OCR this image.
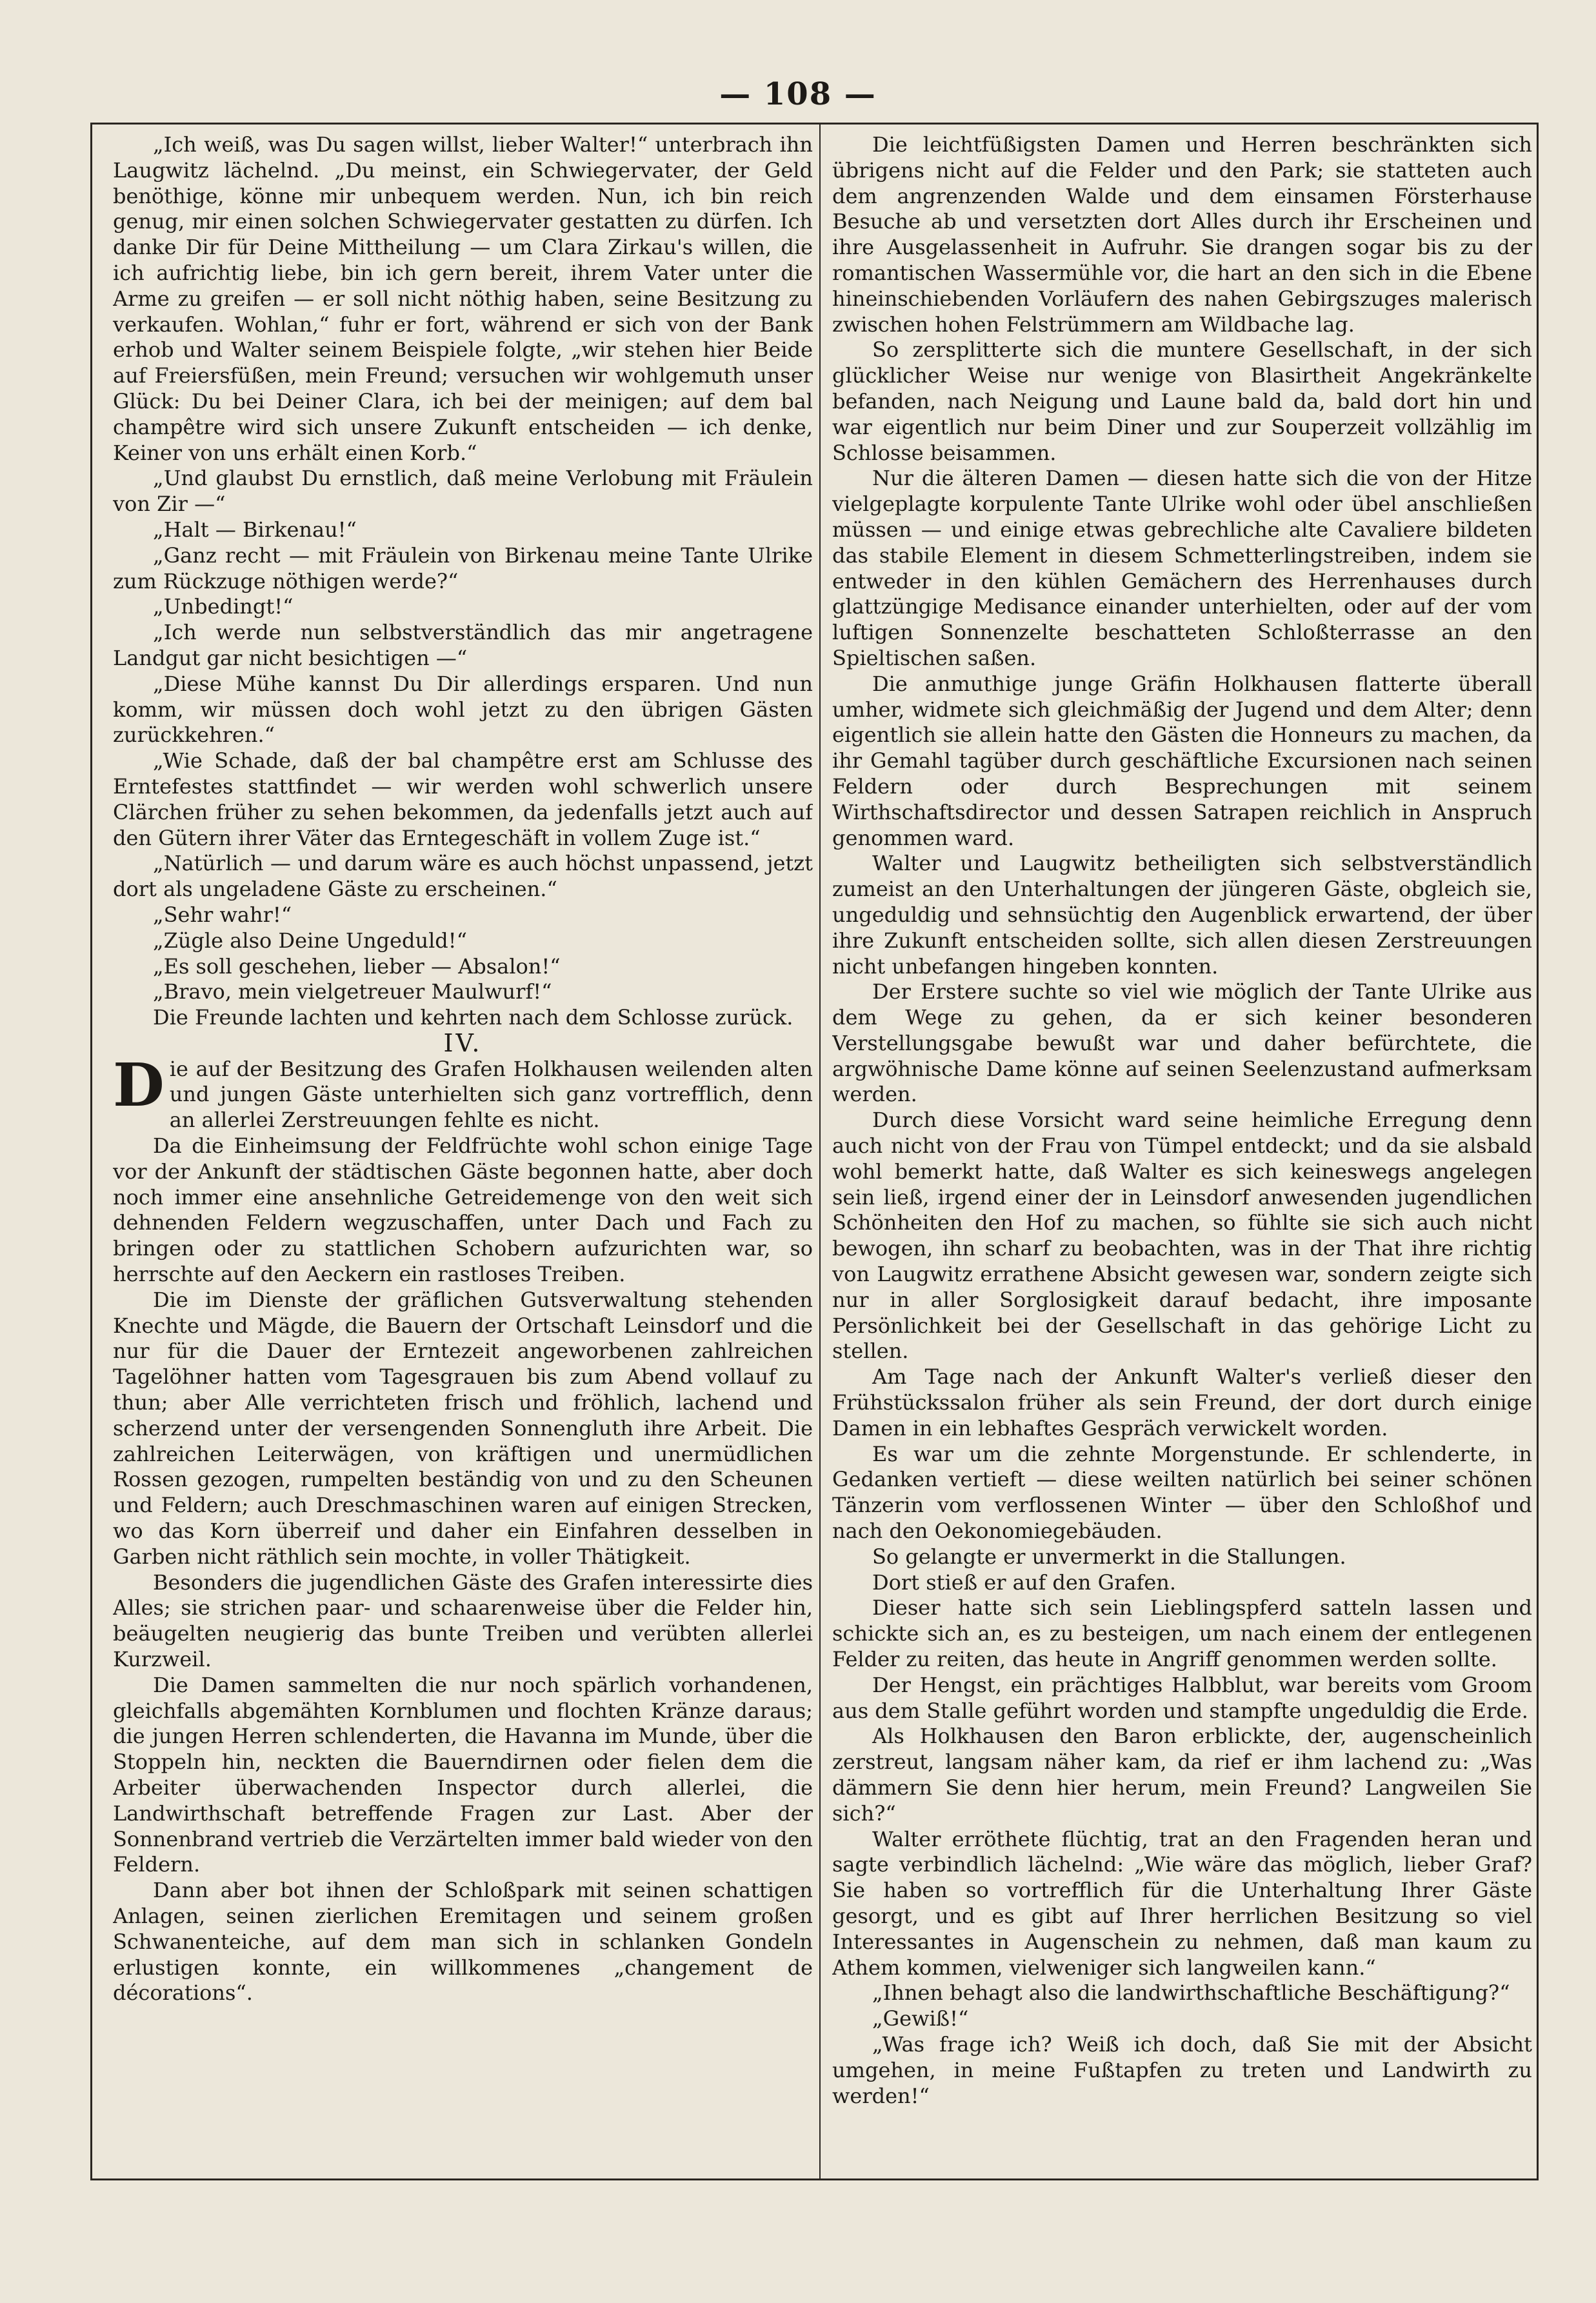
— 108 —

„Ich weiß, was Du sagen willst, lieber Walter!“ unterbrach ihn Laugwitz lächelnd. „Du meinst, ein Schwiegervater, der Geld benöthige, könne mir unbequem werden. Nun, ich bin reich genug, mir einen solchen Schwiegervater gestatten zu dürfen. Ich danke Dir für Deine Mittheilung — um Clara Zirkau's willen, die ich aufrichtig liebe, bin ich gern bereit, ihrem Vater unter die Arme zu greifen — er soll nicht nöthig haben, seine Besitzung zu verkaufen. Wohlan,“ fuhr er fort, während er sich von der Bank erhob und Walter seinem Beispiele folgte, „wir stehen hier Beide auf Freiersfüßen, mein Freund; versuchen wir wohlgemuth unser Glück: Du bei Deiner Clara, ich bei der meinigen; auf dem bal champêtre wird sich unsere Zukunft entscheiden — ich denke, Keiner von uns erhält einen Korb.“

„Und glaubst Du ernstlich, daß meine Verlobung mit Fräulein von Zir —“

„Halt — Birkenau!“

„Ganz recht — mit Fräulein von Birkenau meine Tante Ulrike zum Rückzuge nöthigen werde?“

„Unbedingt!“

„Ich werde nun selbstverständlich das mir angetragene Landgut gar nicht besichtigen —“

„Diese Mühe kannst Du Dir allerdings ersparen. Und nun komm, wir müssen doch wohl jetzt zu den übrigen Gästen zurückkehren.“

„Wie Schade, daß der bal champêtre erst am Schlusse des Erntefestes stattfindet — wir werden wohl schwerlich unsere Clärchen früher zu sehen bekommen, da jedenfalls jetzt auch auf den Gütern ihrer Väter das Erntegeschäft in vollem Zuge ist.“

„Natürlich — und darum wäre es auch höchst unpassend, jetzt dort als ungeladene Gäste zu erscheinen.“

„Sehr wahr!“

„Zügle also Deine Ungeduld!“

„Es soll geschehen, lieber — Absalon!“

„Bravo, mein vielgetreuer Maulwurf!“

Die Freunde lachten und kehrten nach dem Schlosse zurück.

IV.

Die auf der Besitzung des Grafen Holkhausen weilenden alten und jungen Gäste unterhielten sich ganz vortrefflich, denn an allerlei Zerstreuungen fehlte es nicht.

Da die Einheimsung der Feldfrüchte wohl schon einige Tage vor der Ankunft der städtischen Gäste begonnen hatte, aber doch noch immer eine ansehnliche Getreidemenge von den weit sich dehnenden Feldern wegzuschaffen, unter Dach und Fach zu bringen oder zu stattlichen Schobern aufzurichten war, so herrschte auf den Aeckern ein rastloses Treiben.

Die im Dienste der gräflichen Gutsverwaltung stehenden Knechte und Mägde, die Bauern der Ortschaft Leinsdorf und die nur für die Dauer der Erntezeit angeworbenen zahlreichen Tagelöhner hatten vom Tagesgrauen bis zum Abend vollauf zu thun; aber Alle verrichteten frisch und fröhlich, lachend und scherzend unter der versengenden Sonnengluth ihre Arbeit. Die zahlreichen Leiterwägen, von kräftigen und unermüdlichen Rossen gezogen, rumpelten beständig von und zu den Scheunen und Feldern; auch Dreschmaschinen waren auf einigen Strecken, wo das Korn überreif und daher ein Einfahren desselben in Garben nicht räthlich sein mochte, in voller Thätigkeit.

Besonders die jugendlichen Gäste des Grafen interessirte dies Alles; sie strichen paar- und schaarenweise über die Felder hin, beäugelten neugierig das bunte Treiben und verübten allerlei Kurzweil.

Die Damen sammelten die nur noch spärlich vorhandenen, gleichfalls abgemähten Kornblumen und flochten Kränze daraus; die jungen Herren schlenderten, die Havanna im Munde, über die Stoppeln hin, neckten die Bauerndirnen oder fielen dem die Arbeiter überwachenden Inspector durch allerlei, die Landwirthschaft betreffende Fragen zur Last. Aber der Sonnenbrand vertrieb die Verzärtelten immer bald wieder von den Feldern.

Dann aber bot ihnen der Schloßpark mit seinen schattigen Anlagen, seinen zierlichen Eremitagen und seinem großen Schwanenteiche, auf dem man sich in schlanken Gondeln erlustigen konnte, ein willkommenes „changement de décorations“.

Die leichtfüßigsten Damen und Herren beschränkten sich übrigens nicht auf die Felder und den Park; sie statteten auch dem angrenzenden Walde und dem einsamen Försterhause Besuche ab und versetzten dort Alles durch ihr Erscheinen und ihre Ausgelassenheit in Aufruhr. Sie drangen sogar bis zu der romantischen Wassermühle vor, die hart an den sich in die Ebene hineinschiebenden Vorläufern des nahen Gebirgszuges malerisch zwischen hohen Felstrümmern am Wildbache lag.

So zersplitterte sich die muntere Gesellschaft, in der sich glücklicher Weise nur wenige von Blasirtheit Angekränkelte befanden, nach Neigung und Laune bald da, bald dort hin und war eigentlich nur beim Diner und zur Souperzeit vollzählig im Schlosse beisammen.

Nur die älteren Damen — diesen hatte sich die von der Hitze vielgeplagte korpulente Tante Ulrike wohl oder übel anschließen müssen — und einige etwas gebrechliche alte Cavaliere bildeten das stabile Element in diesem Schmetterlingstreiben, indem sie entweder in den kühlen Gemächern des Herrenhauses durch glattzüngige Medisance einander unterhielten, oder auf der vom luftigen Sonnenzelte beschatteten Schloßterrasse an den Spieltischen saßen.

Die anmuthige junge Gräfin Holkhausen flatterte überall umher, widmete sich gleichmäßig der Jugend und dem Alter; denn eigentlich sie allein hatte den Gästen die Honneurs zu machen, da ihr Gemahl tagüber durch geschäftliche Excursionen nach seinen Feldern oder durch Besprechungen mit seinem Wirthschaftsdirector und dessen Satrapen reichlich in Anspruch genommen ward.

Walter und Laugwitz betheiligten sich selbstverständlich zumeist an den Unterhaltungen der jüngeren Gäste, obgleich sie, ungeduldig und sehnsüchtig den Augenblick erwartend, der über ihre Zukunft entscheiden sollte, sich allen diesen Zerstreuungen nicht unbefangen hingeben konnten.

Der Erstere suchte so viel wie möglich der Tante Ulrike aus dem Wege zu gehen, da er sich keiner besonderen Verstellungsgabe bewußt war und daher befürchtete, die argwöhnische Dame könne auf seinen Seelenzustand aufmerksam werden.

Durch diese Vorsicht ward seine heimliche Erregung denn auch nicht von der Frau von Tümpel entdeckt; und da sie alsbald wohl bemerkt hatte, daß Walter es sich keineswegs angelegen sein ließ, irgend einer der in Leinsdorf anwesenden jugendlichen Schönheiten den Hof zu machen, so fühlte sie sich auch nicht bewogen, ihn scharf zu beobachten, was in der That ihre richtig von Laugwitz errathene Absicht gewesen war, sondern zeigte sich nur in aller Sorglosigkeit darauf bedacht, ihre imposante Persönlichkeit bei der Gesellschaft in das gehörige Licht zu stellen.

Am Tage nach der Ankunft Walter's verließ dieser den Frühstückssalon früher als sein Freund, der dort durch einige Damen in ein lebhaftes Gespräch verwickelt worden.

Es war um die zehnte Morgenstunde. Er schlenderte, in Gedanken vertieft — diese weilten natürlich bei seiner schönen Tänzerin vom verflossenen Winter — über den Schloßhof und nach den Oekonomiegebäuden.

So gelangte er unvermerkt in die Stallungen.

Dort stieß er auf den Grafen.

Dieser hatte sich sein Lieblingspferd satteln lassen und schickte sich an, es zu besteigen, um nach einem der entlegenen Felder zu reiten, das heute in Angriff genommen werden sollte.

Der Hengst, ein prächtiges Halbblut, war bereits vom Groom aus dem Stalle geführt worden und stampfte ungeduldig die Erde.

Als Holkhausen den Baron erblickte, der, augenscheinlich zerstreut, langsam näher kam, da rief er ihm lachend zu: „Was dämmern Sie denn hier herum, mein Freund? Langweilen Sie sich?“

Walter erröthete flüchtig, trat an den Fragenden heran und sagte verbindlich lächelnd: „Wie wäre das möglich, lieber Graf? Sie haben so vortrefflich für die Unterhaltung Ihrer Gäste gesorgt, und es gibt auf Ihrer herrlichen Besitzung so viel Interessantes in Augenschein zu nehmen, daß man kaum zu Athem kommen, vielweniger sich langweilen kann.“

„Ihnen behagt also die landwirthschaftliche Beschäftigung?“

„Gewiß!“

„Was frage ich? Weiß ich doch, daß Sie mit der Absicht umgehen, in meine Fußtapfen zu treten und Landwirth zu werden!“
